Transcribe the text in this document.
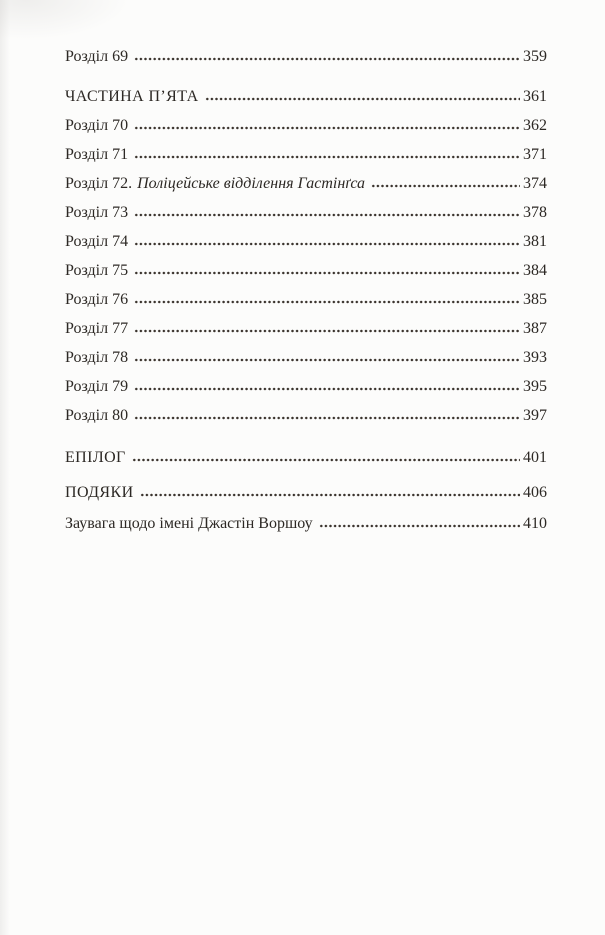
Розділ 69	359
ЧАСТИНА П’ЯТА	361
Розділ 70	362
Розділ 71	371
Розділ 72. Поліцейське відділення Гастінґса	374
Розділ 73	378
Розділ 74	381
Розділ 75	384
Розділ 76	385
Розділ 77	387
Розділ 78	393
Розділ 79	395
Розділ 80	397
ЕПІЛОГ	401
ПОДЯКИ	406
Заувага щодо імені Джастін Воршоу	410
